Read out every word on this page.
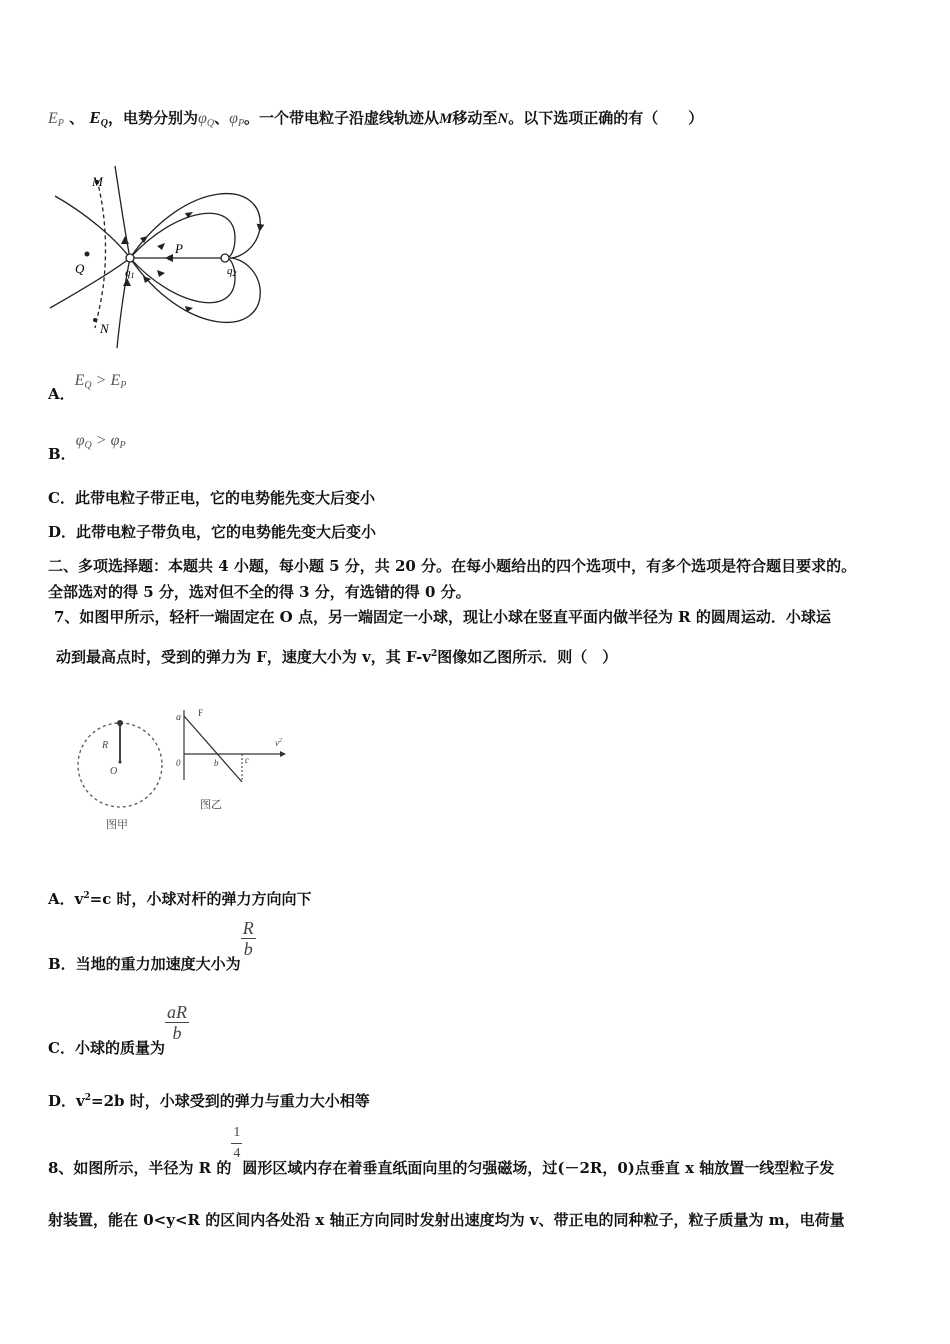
$E_P$ 、 $E_Q$，电势分别为$\varphi_Q$、$\varphi_P$。一个带电粒子沿虚线轨迹从M移动至N。以下选项正确的有（　　）
M
Q
P
N
q1	q2
A．$E_Q > E_P$
B．$\varphi_Q > \varphi_P$
C．此带电粒子带正电，它的电势能先变大后变小
D．此带电粒子带负电，它的电势能先变大后变小
二、多项选择题：本题共 4 小题，每小题 5 分，共 20 分。在每小题给出的四个选项中，有多个选项是符合题目要求的。
全部选对的得 5 分，选对但不全的得 3 分，有选错的得 0 分。
7、如图甲所示，轻杆一端固定在 O 点，另一端固定一小球，现让小球在竖直平面内做半径为 R 的圆周运动．小球运
动到最高点时，受到的弹力为 F，速度大小为 v，其 $F-v^2$图像如乙图所示．则（　）
R
O
图甲
a F
$v^2$
0	b	c
图乙
A．$v^2=c$ 时，小球对杆的弹力方向向下
B．当地的重力加速度大小为
$\frac{R}{b}$
C．小球的质量为
$\frac{aR}{b}$
D．$v^2=2b$ 时，小球受到的弹力与重力大小相等
8、如图所示，半径为 R 的
$\frac{1}{4}$
圆形区域内存在着垂直纸面向里的匀强磁场，过(－2R，0)点垂直 x 轴放置一线型粒子发
射装置，能在 0<y<R 的区间内各处沿 x 轴正方向同时发射出速度均为 v、带正电的同种粒子，粒子质量为 m，电荷量
